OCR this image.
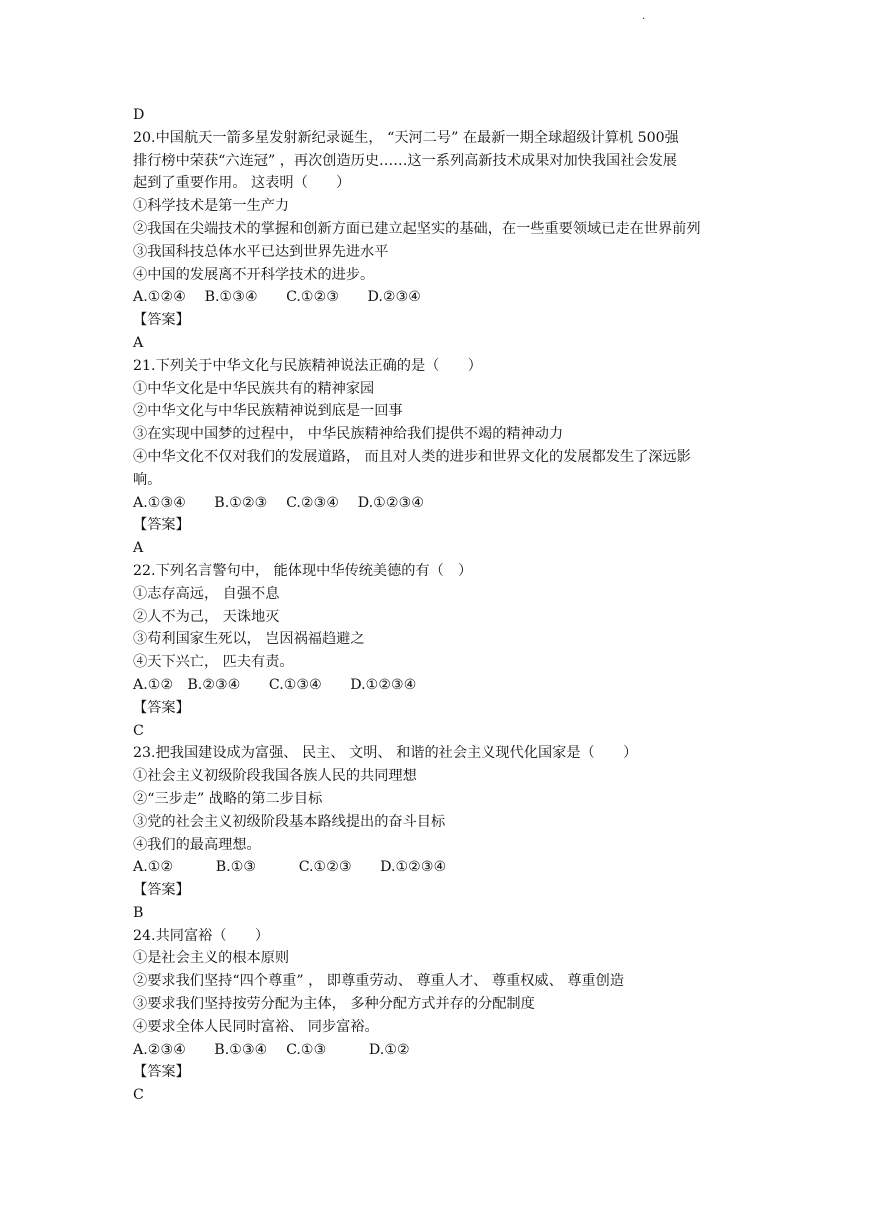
·
D
20.中国航天一箭多星发射新纪录诞生， “天河二号” 在最新一期全球超级计算机 500强
排行榜中荣获“六连冠” ，再次创造历史……这一系列高新技术成果对加快我国社会发展
起到了重要作用。 这表明（　　）
①科学技术是第一生产力
②我国在尖端技术的掌握和创新方面已建立起坚实的基础，在一些重要领域已走在世界前列
③我国科技总体水平已达到世界先进水平
④中国的发展离不开科学技术的进步。
A.①②④　 B.①③④　　C.①②③　　D.②③④
【答案】
A
21.下列关于中华文化与民族精神说法正确的是（　　）
①中华文化是中华民族共有的精神家园
②中华文化与中华民族精神说到底是一回事
③在实现中国梦的过程中， 中华民族精神给我们提供不竭的精神动力
④中华文化不仅对我们的发展道路， 而且对人类的进步和世界文化的发展都发生了深远影
响。
A.①③④　　B.①②③　 C.②③④　 D.①②③④
【答案】
A
22.下列名言警句中， 能体现中华传统美德的有（　）
①志存高远， 自强不息
②人不为己， 天诛地灭
③苟利国家生死以， 岂因祸福趋避之
④天下兴亡， 匹夫有责。
A.①②　B.②③④　　C.①③④　　D.①②③④
【答案】
C
23.把我国建设成为富强、 民主、 文明、 和谐的社会主义现代化国家是（　　）
①社会主义初级阶段我国各族人民的共同理想
②“三步走” 战略的第二步目标
③党的社会主义初级阶段基本路线提出的奋斗目标
④我们的最高理想。
A.①②　　　B.①③　　　C.①②③　　D.①②③④
【答案】
B
24.共同富裕（　　）
①是社会主义的根本原则
②要求我们坚持“四个尊重” ， 即尊重劳动、 尊重人才、 尊重权威、 尊重创造
③要求我们坚持按劳分配为主体， 多种分配方式并存的分配制度
④要求全体人民同时富裕、 同步富裕。
A.②③④　　B.①③④　 C.①③　　　D.①②
【答案】
C
